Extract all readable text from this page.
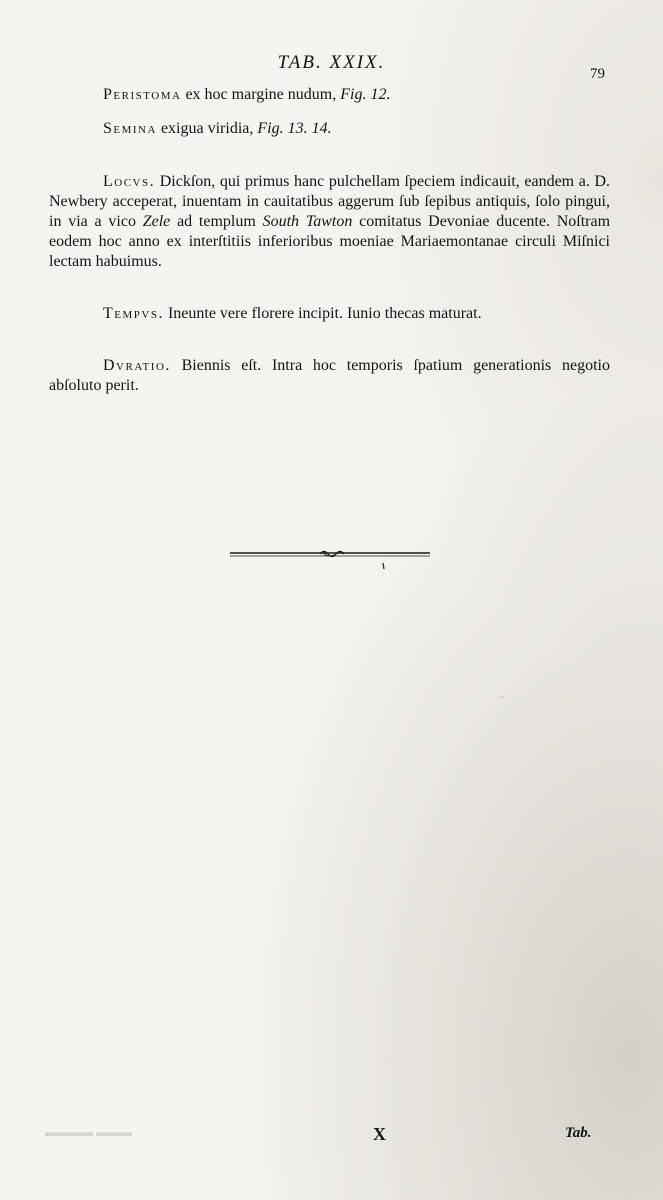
TAB. XXIX.
79
Peristoma ex hoc margine nudum, Fig. 12.
Semina exigua viridia, Fig. 13. 14.
Locvs. Dickſon, qui primus hanc pulchellam ſpeciem indicauit, eandem a. D. Newbery acceperat, inuentam in cauitatibus aggerum ſub ſepibus antiquis, ſolo pingui, in via a vico Zele ad templum South Tawton comitatus Devoniae ducente. Noſtram eodem hoc anno ex interſtitiis inferioribus moeniae Mariaemontanae circuli Miſnici lectam habuimus.
Tempvs. Ineunte vere florere incipit. Iunio thecas maturat.
Dvratio. Biennis eſt. Intra hoc temporis ſpatium generationis negotio abſoluto perit.
~
▬▬▬ ▬▬▬▬	X	Tab.
